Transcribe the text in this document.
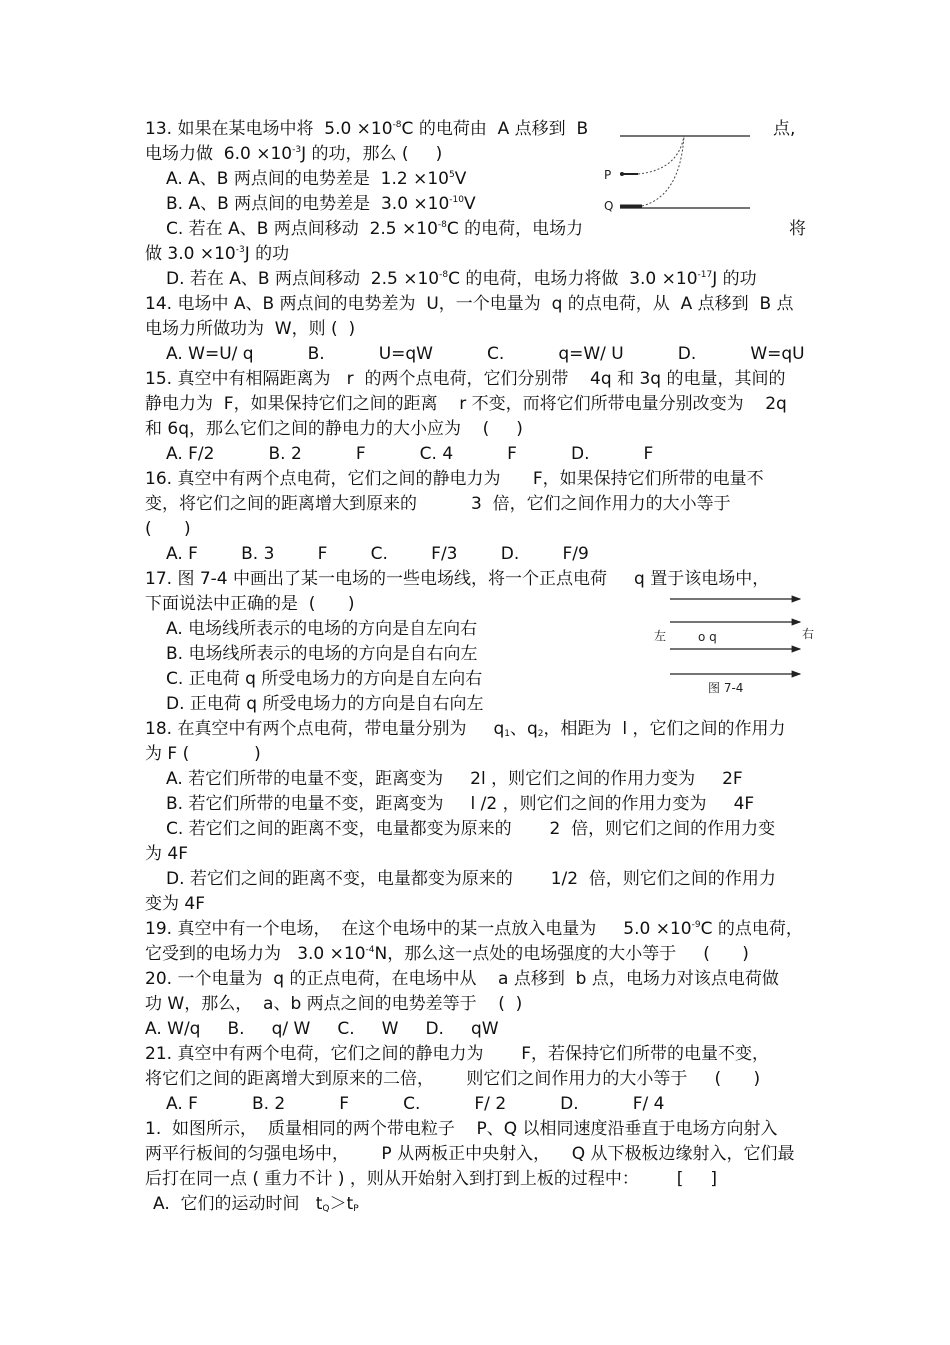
13. 如果在某电场中将  $5.0 \times 10^{-8}C$ 的电荷由  A 点移到  B	点,
电场力做  $6.0 \times 10^{-3}J$ 的功，那么 (     )
A. A、B 两点间的电势差是  $1.2 \times 10^5V$
B. A、B 两点间的电势差是  $3.0 \times 10^{-10}V$
C. 若在 A、B 两点间移动  $2.5 \times 10^{-8}C$ 的电荷，电场力	将
做 $3.0 \times 10^{-3}J$ 的功
D. 若在 A、B 两点间移动  $2.5 \times 10^{-8}C$ 的电荷，电场力将做  $3.0 \times 10^{-17}J$ 的功
14. 电场中 A、B 两点间的电势差为  U，一个电量为  q 的点电荷，从  A 点移到  B 点
电场力所做功为  W，则 (  )
A. W=U/ q          B.          U=qW          C.          q=W/ U          D.          W=qU
15. 真空中有相隔距离为   r  的两个点电荷，它们分别带    4q 和 3q 的电量，其间的
静电力为  F，如果保持它们之间的距离    r 不变，而将它们所带电量分别改变为    2q
和 6q，那么它们之间的静电力的大小应为    (     )
A. F/2          B. 2          F          C. 4          F          D.          F
16. 真空中有两个点电荷，它们之间的静电力为      F，如果保持它们所带的电量不
变，将它们之间的距离增大到原来的          3  倍，它们之间作用力的大小等于
(      )
A. F        B. 3        F        C.        F/3        D.        F/9
17. 图 7-4 中画出了某一电场的一些电场线，将一个正点电荷     q 置于该电场中，
下面说法中正确的是  (      )
A. 电场线所表示的电场的方向是自左向右
B. 电场线所表示的电场的方向是自右向左
C. 正电荷 q 所受电场力的方向是自左向右
D. 正电荷 q 所受电场力的方向是自右向左
18. 在真空中有两个点电荷，带电量分别为     $q_1$、$q_2$，相距为  l ，它们之间的作用力
为 F (            )
A. 若它们所带的电量不变，距离变为     2l ，则它们之间的作用力变为     2F
B. 若它们所带的电量不变，距离变为     l /2 ，则它们之间的作用力变为     4F
C. 若它们之间的距离不变，电量都变为原来的       2  倍，则它们之间的作用力变
为 4F
D. 若它们之间的距离不变，电量都变为原来的       1/2  倍，则它们之间的作用力
变为 4F
19. 真空中有一个电场，  在这个电场中的某一点放入电量为     $5.0 \times 10^{-9}C$ 的点电荷，
它受到的电场力为   $3.0 \times 10^{-4}N$，那么这一点处的电场强度的大小等于     (      )
20. 一个电量为  q 的正点电荷，在电场中从    a 点移到  b 点，电场力对该点电荷做
功 W，那么，  a、b 两点之间的电势差等于    (  )
A. W/q     B.     q/ W     C.     W     D.     qW
21. 真空中有两个电荷，它们之间的静电力为       F，若保持它们所带的电量不变，
将它们之间的距离增大到原来的二倍，      则它们之间作用力的大小等于     (      )
A. F          B. 2          F          C.          F/ 2          D.          F/ 4
1.  如图所示，  质量相同的两个带电粒子    P、Q 以相同速度沿垂直于电场方向射入
两平行板间的匀强电场中，      P 从两板正中央射入，    Q 从下极板边缘射入，它们最
后打在同一点 ( 重力不计 ) ，则从开始射入到打到上板的过程中：       [     ]
A.  它们的运动时间   $t_Q>t_P$
P
Q
左	右
o q
图 7-4
